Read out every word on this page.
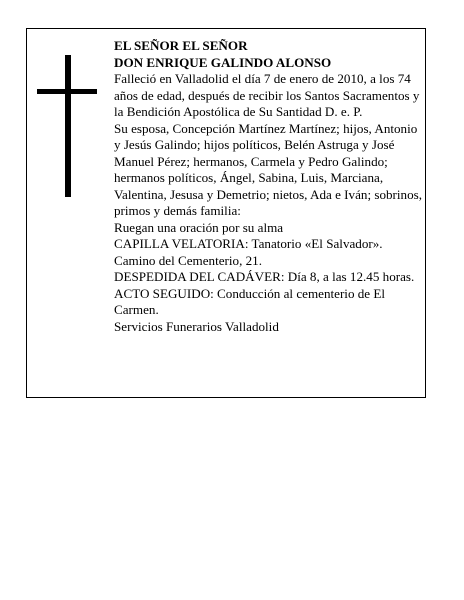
EL SEÑOR EL SEÑOR

DON ENRIQUE GALINDO ALONSO

Falleció en Valladolid el día 7 de enero de 2010, a los 74 años de edad, después de recibir los Santos Sacramentos y la Bendición Apostólica de Su Santidad D. e. P.

Su esposa, Concepción Martínez Martínez; hijos, Antonio y Jesús Galindo; hijos políticos, Belén Astruga y José Manuel Pérez; hermanos, Carmela y Pedro Galindo; hermanos políticos, Ángel, Sabina, Luis, Marciana, Valentina, Jesusa y Demetrio; nietos, Ada e Iván; sobrinos, primos y demás familia:

Ruegan una oración por su alma

CAPILLA VELATORIA: Tanatorio «El Salvador». Camino del Cementerio, 21.

DESPEDIDA DEL CADÁVER: Día 8, a las 12.45 horas.

ACTO SEGUIDO: Conducción al cementerio de El Carmen.

Servicios Funerarios Valladolid
